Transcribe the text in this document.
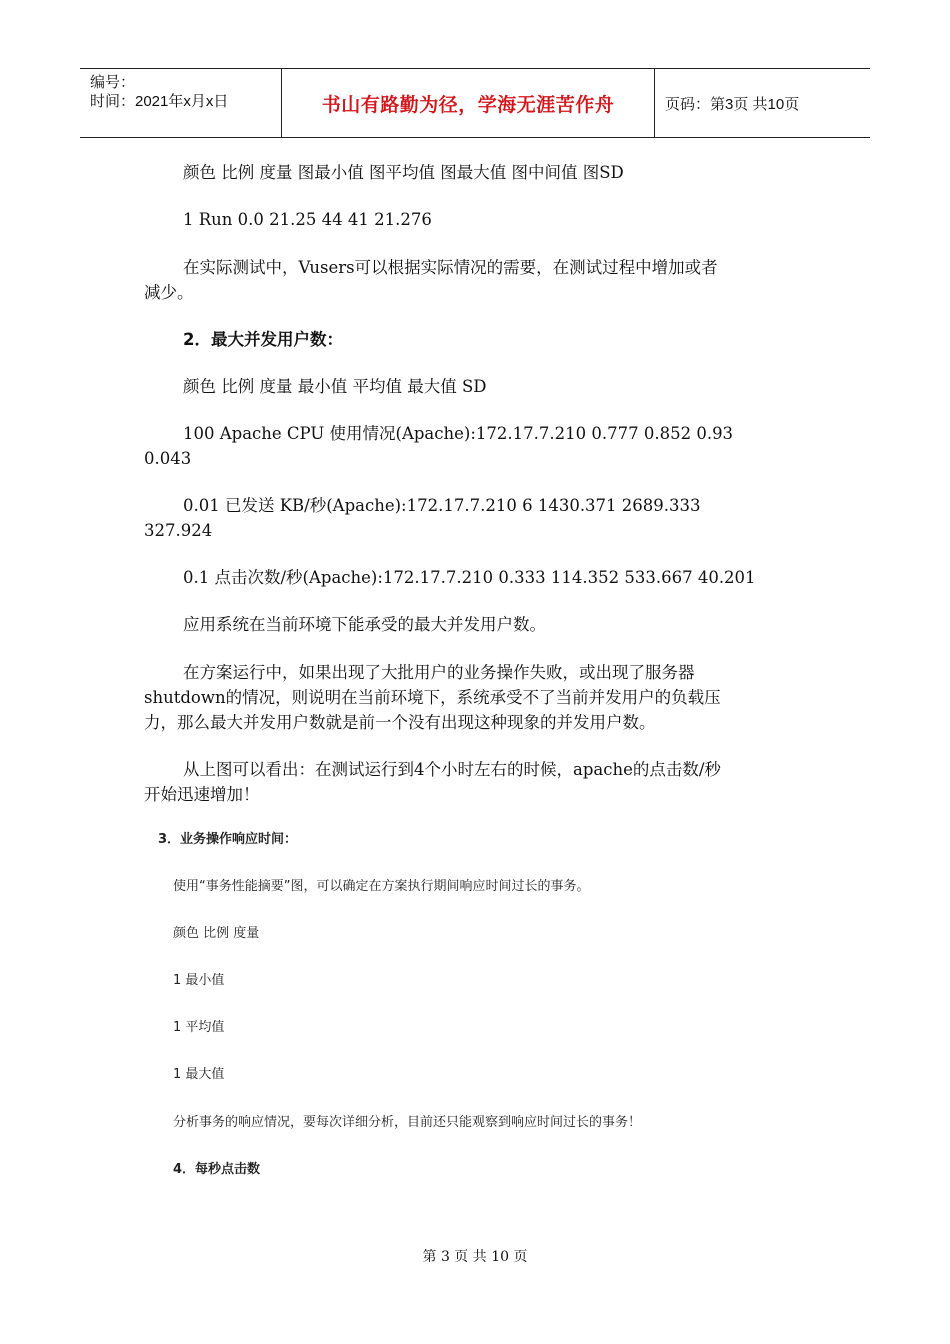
编号：
时间：2021年x月x日	书山有路勤为径，学海无涯苦作舟	页码：第3页 共10页
颜色 比例 度量 图最小值 图平均值 图最大值 图中间值 图SD
1 Run 0.0 21.25 44 41 21.276
在实际测试中，Vusers可以根据实际情况的需要，在测试过程中增加或者
减少。
2．最大并发用户数：
颜色 比例 度量 最小值 平均值 最大值 SD
100 Apache CPU 使用情况(Apache):172.17.7.210 0.777 0.852 0.93
0.043
0.01 已发送 KB/秒(Apache):172.17.7.210 6 1430.371 2689.333
327.924
0.1 点击次数/秒(Apache):172.17.7.210 0.333 114.352 533.667 40.201
应用系统在当前环境下能承受的最大并发用户数。
在方案运行中，如果出现了大批用户的业务操作失败，或出现了服务器
shutdown的情况，则说明在当前环境下，系统承受不了当前并发用户的负载压
力，那么最大并发用户数就是前一个没有出现这种现象的并发用户数。
从上图可以看出：在测试运行到4个小时左右的时候，apache的点击数/秒
开始迅速增加！
3．业务操作响应时间：
使用“事务性能摘要”图，可以确定在方案执行期间响应时间过长的事务。
颜色 比例 度量
1 最小值
1 平均值
1 最大值
分析事务的响应情况，要每次详细分析，目前还只能观察到响应时间过长的事务！
4．每秒点击数
第 3 页 共 10 页
